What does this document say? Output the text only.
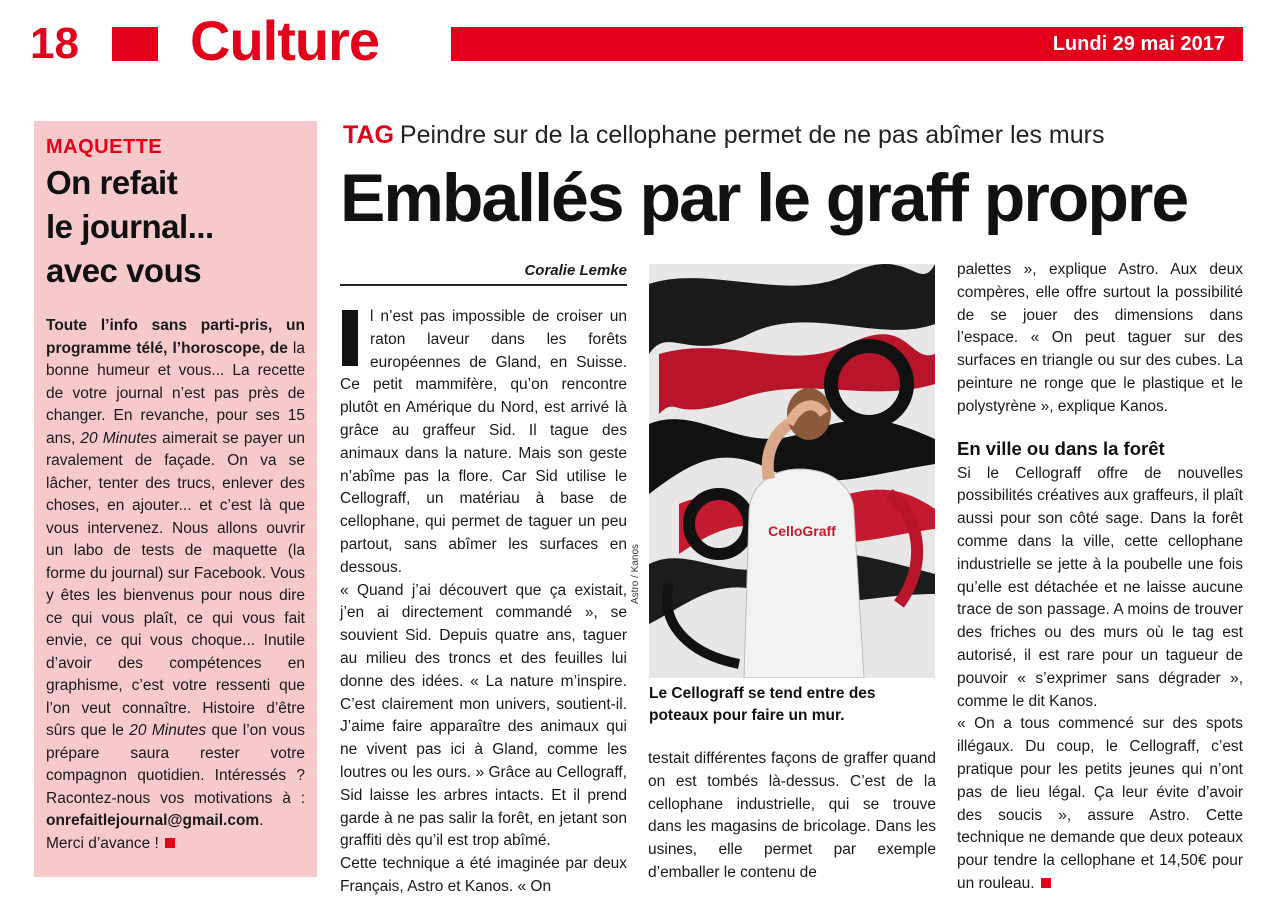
18 Culture	Lundi 29 mai 2017
MAQUETTE
On refait
le journal...
avec vous
Toute l’info sans parti-pris, un programme télé, l’horoscope, de la bonne humeur et vous... La recette de votre journal n’est pas près de changer. En revanche, pour ses 15 ans, 20 Minutes aimerait se payer un ravalement de façade. On va se lâcher, tenter des trucs, enlever des choses, en ajouter... et c’est là que vous intervenez. Nous allons ouvrir un labo de tests de maquette (la forme du journal) sur Facebook. Vous y êtes les bienvenus pour nous dire ce qui vous plaît, ce qui vous fait envie, ce qui vous choque... Inutile d’avoir des compétences en graphisme, c’est votre ressenti que l’on veut connaître. Histoire d’être sûrs que le 20 Minutes que l’on vous prépare saura rester votre compagnon quotidien. Intéressés ? Racontez-nous vos motivations à : onrefaitlejournal@gmail.com. Merci d’avance !
TAG Peindre sur de la cellophane permet de ne pas abîmer les murs
Emballés par le graff propre
Coralie Lemke

l n’est pas impossible de croiser un raton laveur dans les forêts européennes de Gland, en Suisse. Ce petit mammifère, qu’on rencontre plutôt en Amérique du Nord, est arrivé là grâce au graffeur Sid. Il tague des animaux dans la nature. Mais son geste n’abîme pas la flore. Car Sid utilise le Cellograff, un matériau à base de cellophane, qui permet de taguer un peu partout, sans abîmer les surfaces en dessous.

« Quand j’ai découvert que ça existait, j’en ai directement commandé », se souvient Sid. Depuis quatre ans, taguer au milieu des troncs et des feuilles lui donne des idées. « La nature m’inspire. C’est clairement mon univers, soutient-il. J’aime faire apparaître des animaux qui ne vivent pas ici à Gland, comme les loutres ou les ours. » Grâce au Cellograff, Sid laisse les arbres intacts. Et il prend garde à ne pas salir la forêt, en jetant son graffiti dès qu’il est trop abîmé.

Cette technique a été imaginée par deux Français, Astro et Kanos. « On

CelloGraff
Astro / Kanos
Le Cellograff se tend entre des poteaux pour faire un mur.

testait différentes façons de graffer quand on est tombés là-dessus. C’est de la cellophane industrielle, qui se trouve dans les magasins de bricolage. Dans les usines, elle permet par exemple d’emballer le contenu de

palettes », explique Astro. Aux deux compères, elle offre surtout la possibilité de se jouer des dimensions dans l’espace. « On peut taguer sur des surfaces en triangle ou sur des cubes. La peinture ne ronge que le plastique et le polystyrène », explique Kanos.

En ville ou dans la forêt

Si le Cellograff offre de nouvelles possibilités créatives aux graffeurs, il plaît aussi pour son côté sage. Dans la forêt comme dans la ville, cette cellophane industrielle se jette à la poubelle une fois qu’elle est détachée et ne laisse aucune trace de son passage. A moins de trouver des friches ou des murs où le tag est autorisé, il est rare pour un tagueur de pouvoir « s’exprimer sans dégrader », comme le dit Kanos.

« On a tous commencé sur des spots illégaux. Du coup, le Cellograff, c’est pratique pour les petits jeunes qui n’ont pas de lieu légal. Ça leur évite d’avoir des soucis », assure Astro. Cette technique ne demande que deux poteaux pour tendre la cellophane et 14,50€ pour un rouleau.
